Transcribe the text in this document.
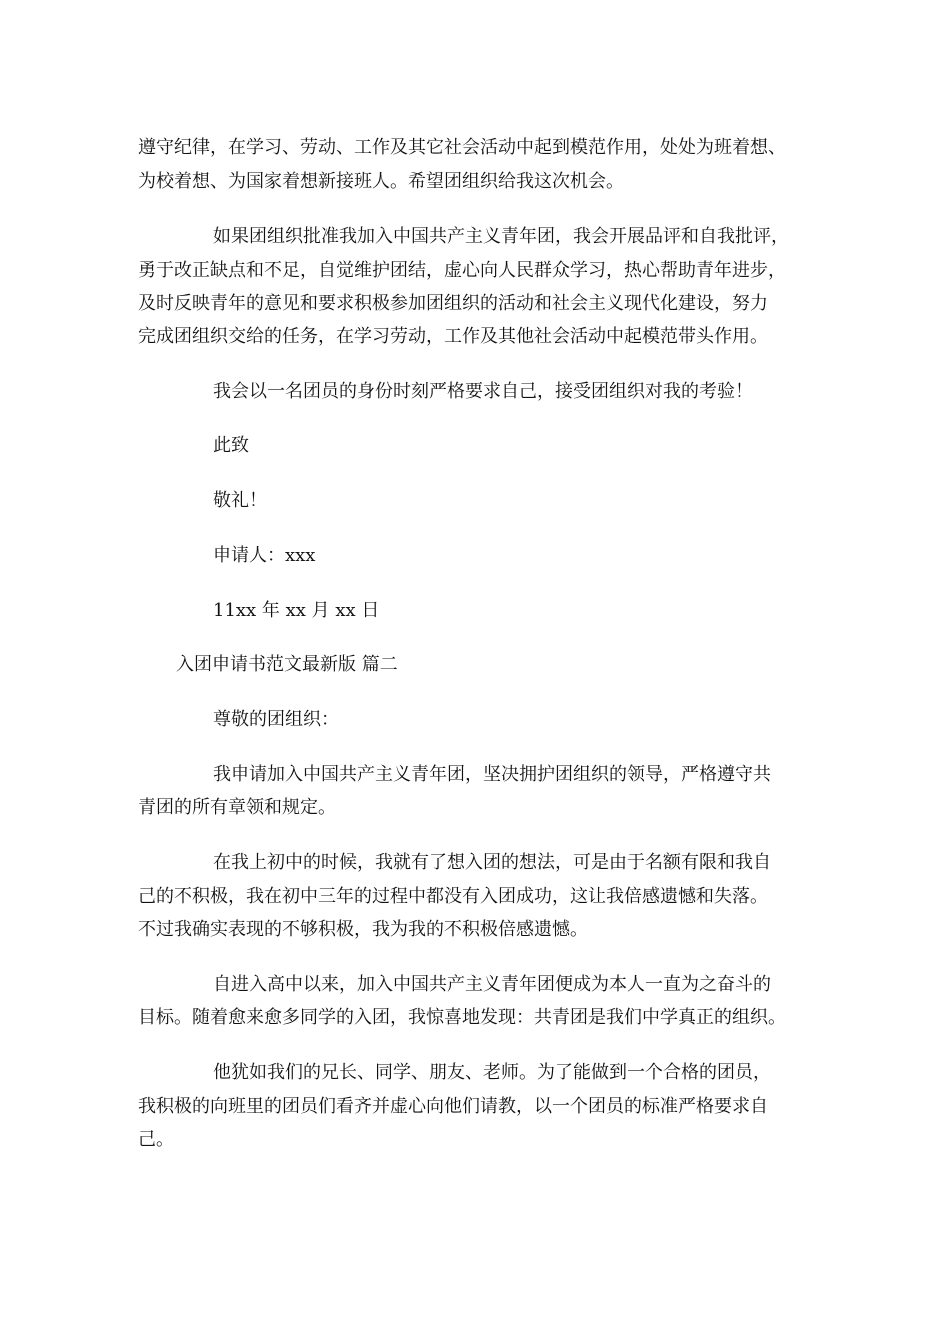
遵守纪律，在学习、劳动、工作及其它社会活动中起到模范作用，处处为班着想、
为校着想、为国家着想新接班人。希望团组织给我这次机会。
如果团组织批准我加入中国共产主义青年团，我会开展品评和自我批评，
勇于改正缺点和不足，自觉维护团结，虚心向人民群众学习，热心帮助青年进步，
及时反映青年的意见和要求积极参加团组织的活动和社会主义现代化建设，努力
完成团组织交给的任务，在学习劳动，工作及其他社会活动中起模范带头作用。
我会以一名团员的身份时刻严格要求自己，接受团组织对我的考验！
此致
敬礼！
申请人：xxx
11xx 年 xx 月 xx 日
入团申请书范文最新版 篇二
尊敬的团组织：
我申请加入中国共产主义青年团，坚决拥护团组织的领导，严格遵守共
青团的所有章领和规定。
在我上初中的时候，我就有了想入团的想法，可是由于名额有限和我自
己的不积极，我在初中三年的过程中都没有入团成功，这让我倍感遗憾和失落。
不过我确实表现的不够积极，我为我的不积极倍感遗憾。
自进入高中以来，加入中国共产主义青年团便成为本人一直为之奋斗的
目标。随着愈来愈多同学的入团，我惊喜地发现：共青团是我们中学真正的组织。
他犹如我们的兄长、同学、朋友、老师。为了能做到一个合格的团员，
我积极的向班里的团员们看齐并虚心向他们请教，以一个团员的标准严格要求自
己。
